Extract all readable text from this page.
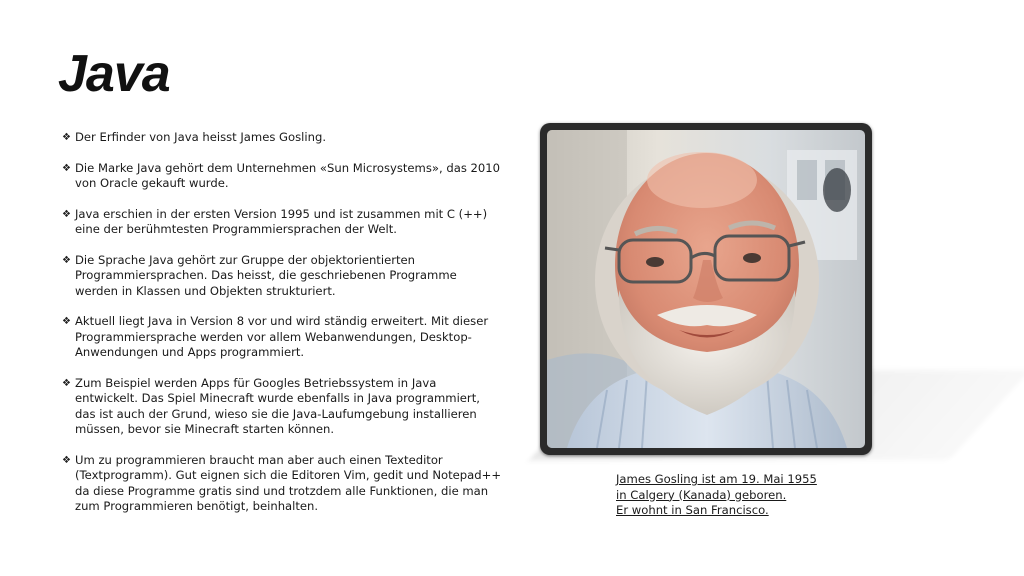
Java
❖ Der Erfinder von Java heisst James Gosling.
❖ Die Marke Java gehört dem Unternehmen «Sun Microsystems», das 2010 von Oracle gekauft wurde.
❖ Java erschien in der ersten Version 1995 und ist zusammen mit C (++) eine der berühmtesten Programmiersprachen der Welt.
❖ Die Sprache Java gehört zur Gruppe der objektorientierten Programmiersprachen. Das heisst, die geschriebenen Programme werden in Klassen und Objekten strukturiert.
❖ Aktuell liegt Java in Version 8 vor und wird ständig erweitert. Mit dieser Programmiersprache werden vor allem Webanwendungen, Desktop-Anwendungen und Apps programmiert.
❖ Zum Beispiel werden Apps für Googles Betriebssystem in Java entwickelt. Das Spiel Minecraft wurde ebenfalls in Java programmiert, das ist auch der Grund, wieso sie die Java-Laufumgebung installieren müssen, bevor sie Minecraft starten können.
❖ Um zu programmieren braucht man aber auch einen Texteditor (Textprogramm). Gut eignen sich die Editoren Vim, gedit und Notepad++ da diese Programme gratis sind und trotzdem alle Funktionen, die man zum Programmieren benötigt, beinhalten.
James Gosling ist am 19. Mai 1955
in Calgery (Kanada) geboren.
Er wohnt in San Francisco.
